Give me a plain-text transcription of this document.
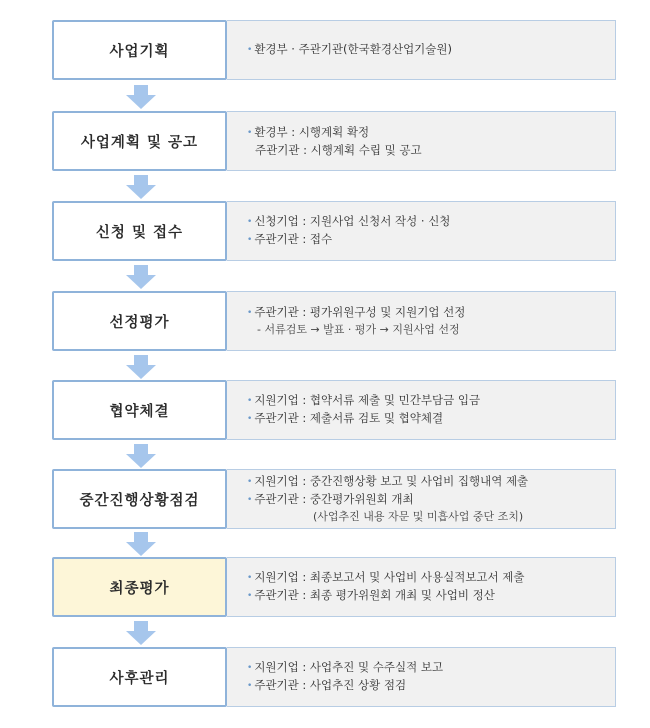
사업기획
•	환경부 · 주관기관(한국환경산업기술원)
사업계획 및 공고
• 환경부 : 시행계획 확정
주관기관 : 시행계획 수립 및 공고
신청 및 접수
• 신청기업 : 지원사업 신청서 작성 · 신청
• 주관기관 : 접수
선정평가
• 주관기관 : 평가위원구성 및 지원기업 선정
- 서류검토 → 발표 · 평가 → 지원사업 선정
협약체결
• 지원기업 : 협약서류 제출 및 민간부담금 입금
• 주관기관 : 제출서류 검토 및 협약체결
중간진행상황점검
• 지원기업 : 중간진행상황 보고 및 사업비 집행내역 제출
• 주관기관 : 중간평가위원회 개최
(사업추진 내용 자문 및 미흡사업 중단 조치)
최종평가
• 지원기업 : 최종보고서 및 사업비 사용실적보고서 제출
• 주관기관 : 최종 평가위원회 개최 및 사업비 정산
사후관리
• 지원기업 : 사업추진 및 수주실적 보고
• 주관기관 : 사업추진 상황 점검
